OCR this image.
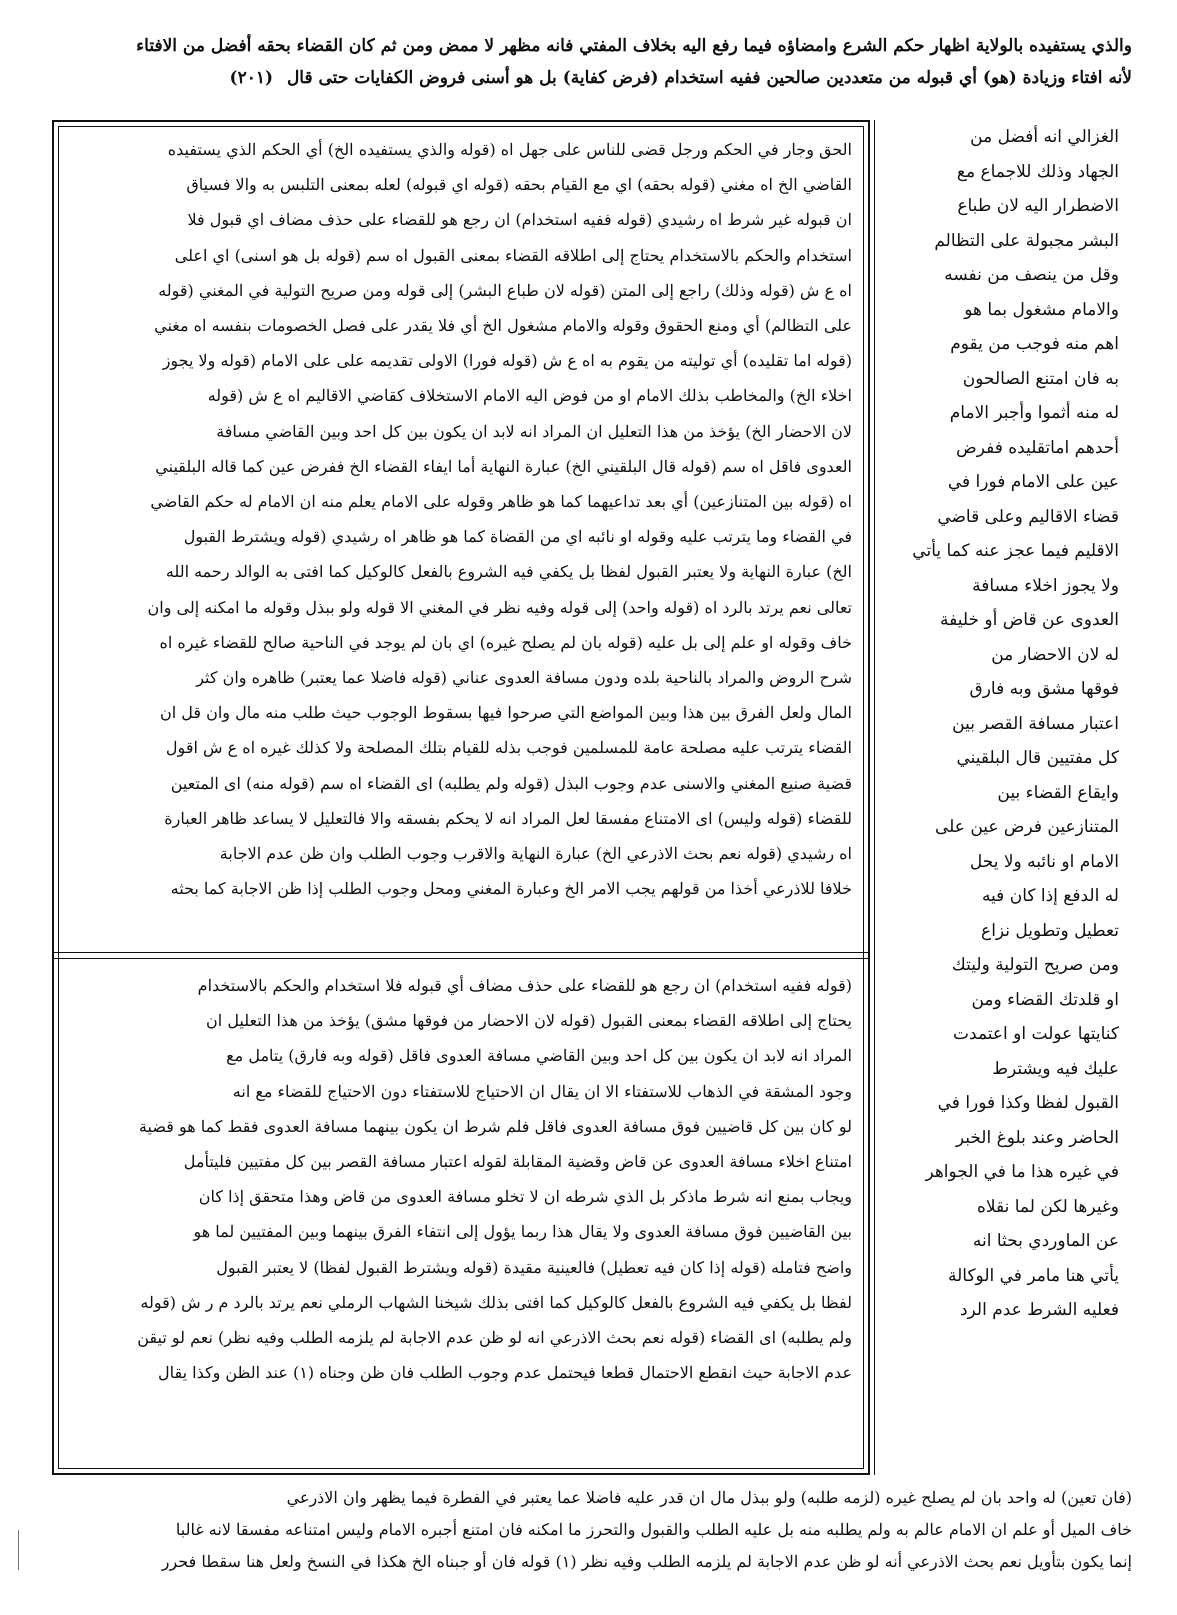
والذي يستفيده بالولاية اظهار حكم الشرع وامضاؤه فيما رفع اليه بخلاف المفتي فانه مظهر لا ممض ومن ثم كان القضاء بحقه أفضل من الافتاء
لأنه افتاء وزيادة (هو) أي قبوله من متعددين صالحين ففيه استخدام (فرض كفاية) بل هو أسنى فروض الكفايات حتى قال (٢٠١)
الغزالي انه أفضل من
الجهاد وذلك للاجماع مع
الاضطرار اليه لان طباع
البشر مجبولة على التظالم
وقل من ينصف من نفسه
والامام مشغول بما هو
اهم منه فوجب من يقوم
به فان امتنع الصالحون
له منه أثموا وأجبر الامام
أحدهم اماتقليده ففرض
عين على الامام فورا في
قضاء الاقاليم وعلى قاضي
الاقليم فيما عجز عنه كما يأتي
ولا يجوز اخلاء مسافة
العدوى عن قاض أو خليفة
له لان الاحضار من
فوقها مشق وبه فارق
اعتبار مسافة القصر بين
كل مفتيين قال البلقيني
وايقاع القضاء بين
المتنازعين فرض عين على
الامام او نائبه ولا يحل
له الدفع إذا كان فيه
تعطيل وتطويل نزاع
ومن صريح التولية وليتك
او قلدتك القضاء ومن
كنايتها عولت او اعتمدت
عليك فيه ويشترط
القبول لفظا وكذا فورا في
الحاضر وعند بلوغ الخبر
في غيره هذا ما في الجواهر
وغيرها لكن لما نقلاه
عن الماوردي بحثا انه
يأتي هنا مامر في الوكالة
فعليه الشرط عدم الرد
الحق وجار في الحكم ورجل قضى للناس على جهل اه (قوله والذي يستفيده الخ) أي الحكم الذي يستفيده
القاضي الخ اه مغني (قوله بحقه) اي مع القيام بحقه (قوله اي قبوله) لعله بمعنى التلبس به والا فسياق
ان قبوله غير شرط اه رشيدي (قوله ففيه استخدام) ان رجع هو للقضاء على حذف مضاف اي قبول فلا
استخدام والحكم بالاستخدام يحتاج إلى اطلاقه القضاء بمعنى القبول اه سم (قوله بل هو اسنى) اي اعلى
اه ع ش (قوله وذلك) راجع إلى المتن (قوله لان طباع البشر) إلى قوله ومن صريح التولية في المغني (قوله
على التظالم) أي ومنع الحقوق وقوله والامام مشغول الخ أي فلا يقدر على فصل الخصومات بنفسه اه مغني
(قوله اما تقليده) أي توليته من يقوم به اه ع ش (قوله فورا) الاولى تقديمه على على الامام (قوله ولا يجوز
اخلاء الخ) والمخاطب بذلك الامام او من فوض اليه الامام الاستخلاف كقاضي الاقاليم اه ع ش (قوله
لان الاحضار الخ) يؤخذ من هذا التعليل ان المراد انه لابد ان يكون بين كل احد وبين القاضي مسافة
العدوى فاقل اه سم (قوله قال البلقيني الخ) عبارة النهاية أما ايفاء القضاء الخ ففرض عين كما قاله البلقيني
اه (قوله بين المتنازعين) أي بعد تداعيهما كما هو ظاهر وقوله على الامام يعلم منه ان الامام له حكم القاضي
في القضاء وما يترتب عليه وقوله او نائبه اي من القضاة كما هو ظاهر اه رشيدي (قوله ويشترط القبول
الخ) عبارة النهاية ولا يعتبر القبول لفظا بل يكفي فيه الشروع بالفعل كالوكيل كما افتى به الوالد رحمه الله
تعالى نعم يرتد بالرد اه (قوله واحد) إلى قوله وفيه نظر في المغني الا قوله ولو ببذل وقوله ما امكنه إلى وان
خاف وقوله او علم إلى بل عليه (قوله بان لم يصلح غيره) اي بان لم يوجد في الناحية صالح للقضاء غيره اه
شرح الروض والمراد بالناحية بلده ودون مسافة العدوى عناني (قوله فاضلا عما يعتبر) ظاهره وان كثر
المال ولعل الفرق بين هذا وبين المواضع التي صرحوا فيها بسقوط الوجوب حيث طلب منه مال وان قل ان
القضاء يترتب عليه مصلحة عامة للمسلمين فوجب بذله للقيام بتلك المصلحة ولا كذلك غيره اه ع ش اقول
قضية صنيع المغني والاسنى عدم وجوب البذل (قوله ولم يطلبه) اى القضاء اه سم (قوله منه) اى المتعين
للقضاء (قوله وليس) اى الامتناع مفسقا لعل المراد انه لا يحكم بفسقه والا فالتعليل لا يساعد ظاهر العبارة
اه رشيدي (قوله نعم بحث الاذرعي الخ) عبارة النهاية والاقرب وجوب الطلب وان ظن عدم الاجابة
خلافا للاذرعي أخذا من قولهم يجب الامر الخ وعبارة المغني ومحل وجوب الطلب إذا ظن الاجابة كما بحثه
(قوله ففيه استخدام) ان رجع هو للقضاء على حذف مضاف أي قبوله فلا استخدام والحكم بالاستخدام
يحتاج إلى اطلاقه القضاء بمعنى القبول (قوله لان الاحضار من فوقها مشق) يؤخذ من هذا التعليل ان
المراد انه لابد ان يكون بين كل احد وبين القاضي مسافة العدوى فاقل (قوله وبه فارق) يتامل مع
وجود المشقة في الذهاب للاستفتاء الا ان يقال ان الاحتياج للاستفتاء دون الاحتياج للقضاء مع انه
لو كان بين كل قاضيين فوق مسافة العدوى فاقل فلم شرط ان يكون بينهما مسافة العدوى فقط كما هو قضية
امتناع اخلاء مسافة العدوى عن قاض وقضية المقابلة لقوله اعتبار مسافة القصر بين كل مفتيين فليتأمل
ويجاب بمنع انه شرط ماذكر بل الذي شرطه ان لا تخلو مسافة العدوى من قاض وهذا متحقق إذا كان
بين القاضيين فوق مسافة العدوى ولا يقال هذا ربما يؤول إلى انتفاء الفرق بينهما وبين المفتيين لما هو
واضح فتامله (قوله إذا كان فيه تعطيل) فالعينية مقيدة (قوله ويشترط القبول لفظا) لا يعتبر القبول
لفظا بل يكفي فيه الشروع بالفعل كالوكيل كما افتى بذلك شيخنا الشهاب الرملي نعم يرتد بالرد م ر ش (قوله
ولم يطلبه) اى القضاء (قوله نعم بحث الاذرعي انه لو ظن عدم الاجابة لم يلزمه الطلب وفيه نظر) نعم لو تيقن
عدم الاجابة حيث انقطع الاحتمال قطعا فيحتمل عدم وجوب الطلب فان ظن وجناه (١) عند الظن وكذا يقال
(فان تعين) له واحد بان لم يصلح غيره (لزمه طلبه) ولو ببذل مال ان قدر عليه فاضلا عما يعتبر في الفطرة فيما يظهر وان الاذرعي
خاف الميل أو علم ان الامام عالم به ولم يطلبه منه بل عليه الطلب والقبول والتحرز ما امكنه فان امتنع أجبره الامام وليس امتناعه مفسقا لانه غالبا
إنما يكون بتأويل نعم بحث الاذرعي أنه لو ظن عدم الاجابة لم يلزمه الطلب وفيه نظر (١) قوله فان أو جبناه الخ هكذا في النسخ ولعل هنا سقطا فحرر
